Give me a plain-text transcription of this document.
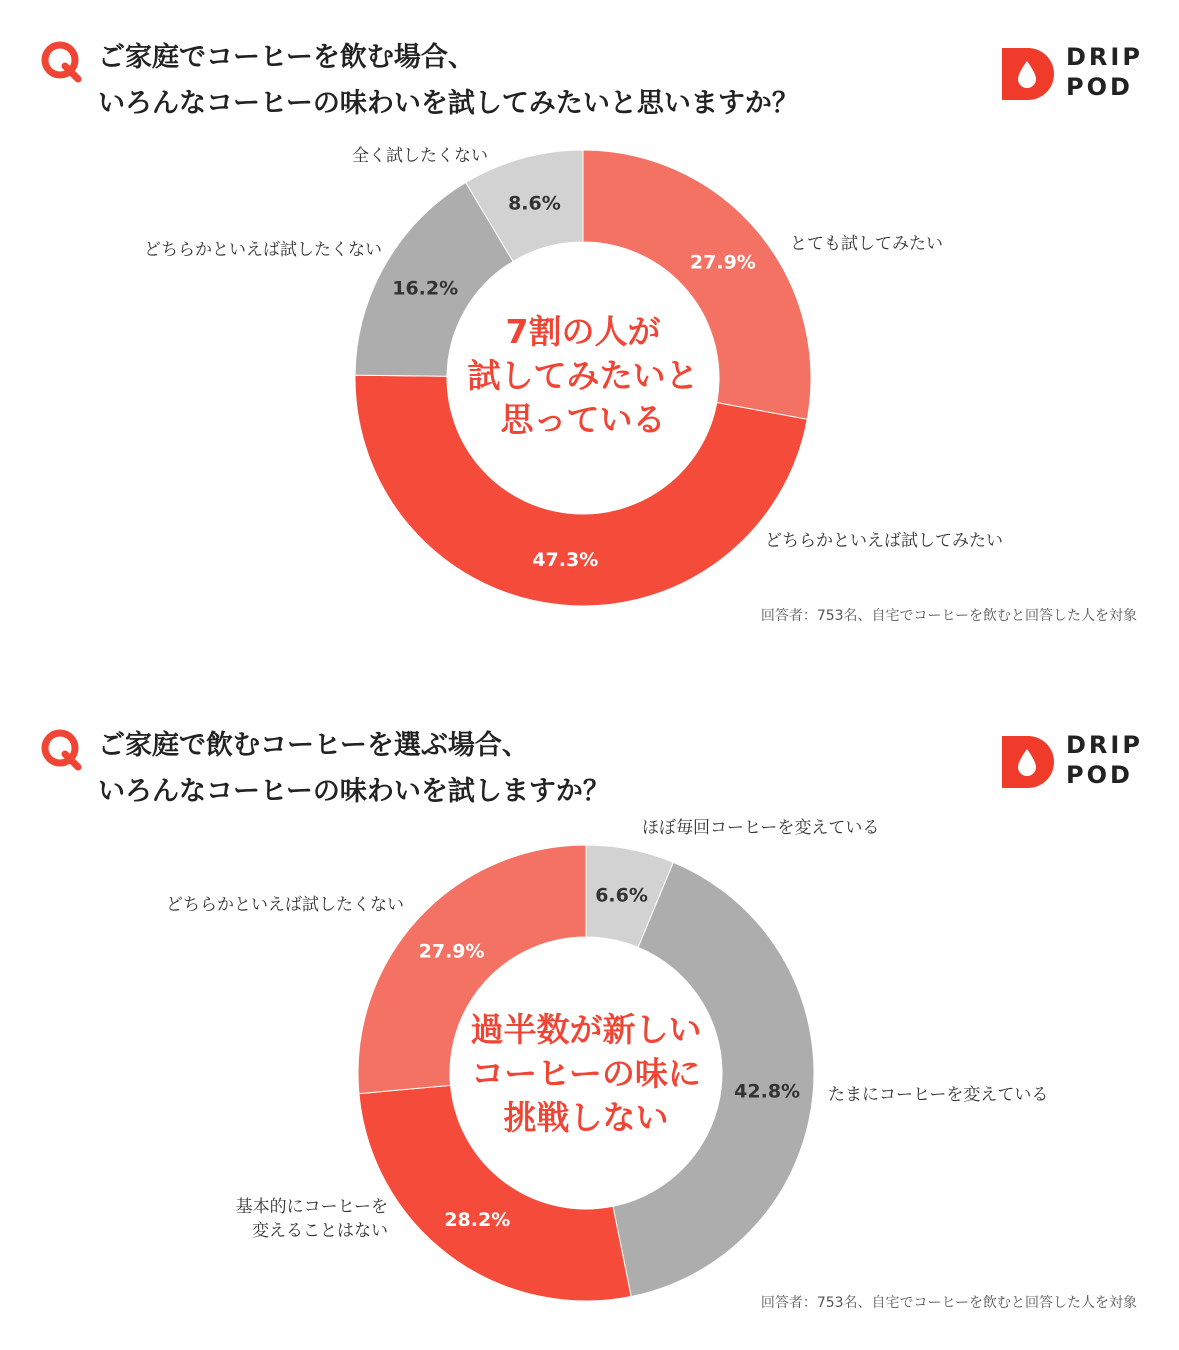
ご家庭でコーヒーを飲む場合、
いろんなコーヒーの味わいを試してみたいと思いますか？
DRIP
POD
27.9%
とても試してみたい
47.3%
どちらかといえば試してみたい
16.2%
どちらかといえば試したくない
8.6%
全く試したくない
7割の人が
試してみたいと
思っている
回答者：753名、自宅でコーヒーを飲むと回答した人を対象
ご家庭で飲むコーヒーを選ぶ場合、
いろんなコーヒーの味わいを試しますか？
DRIP
POD
6.6%
ほぼ毎回コーヒーを変えている
42.8% たまにコーヒーを変えている
28.2%
基本的にコーヒーを変えることはない
27.9%
どちらかといえば試したくない
過半数が新しい
コーヒーの味に
挑戦しない
回答者：753名、自宅でコーヒーを飲むと回答した人を対象
